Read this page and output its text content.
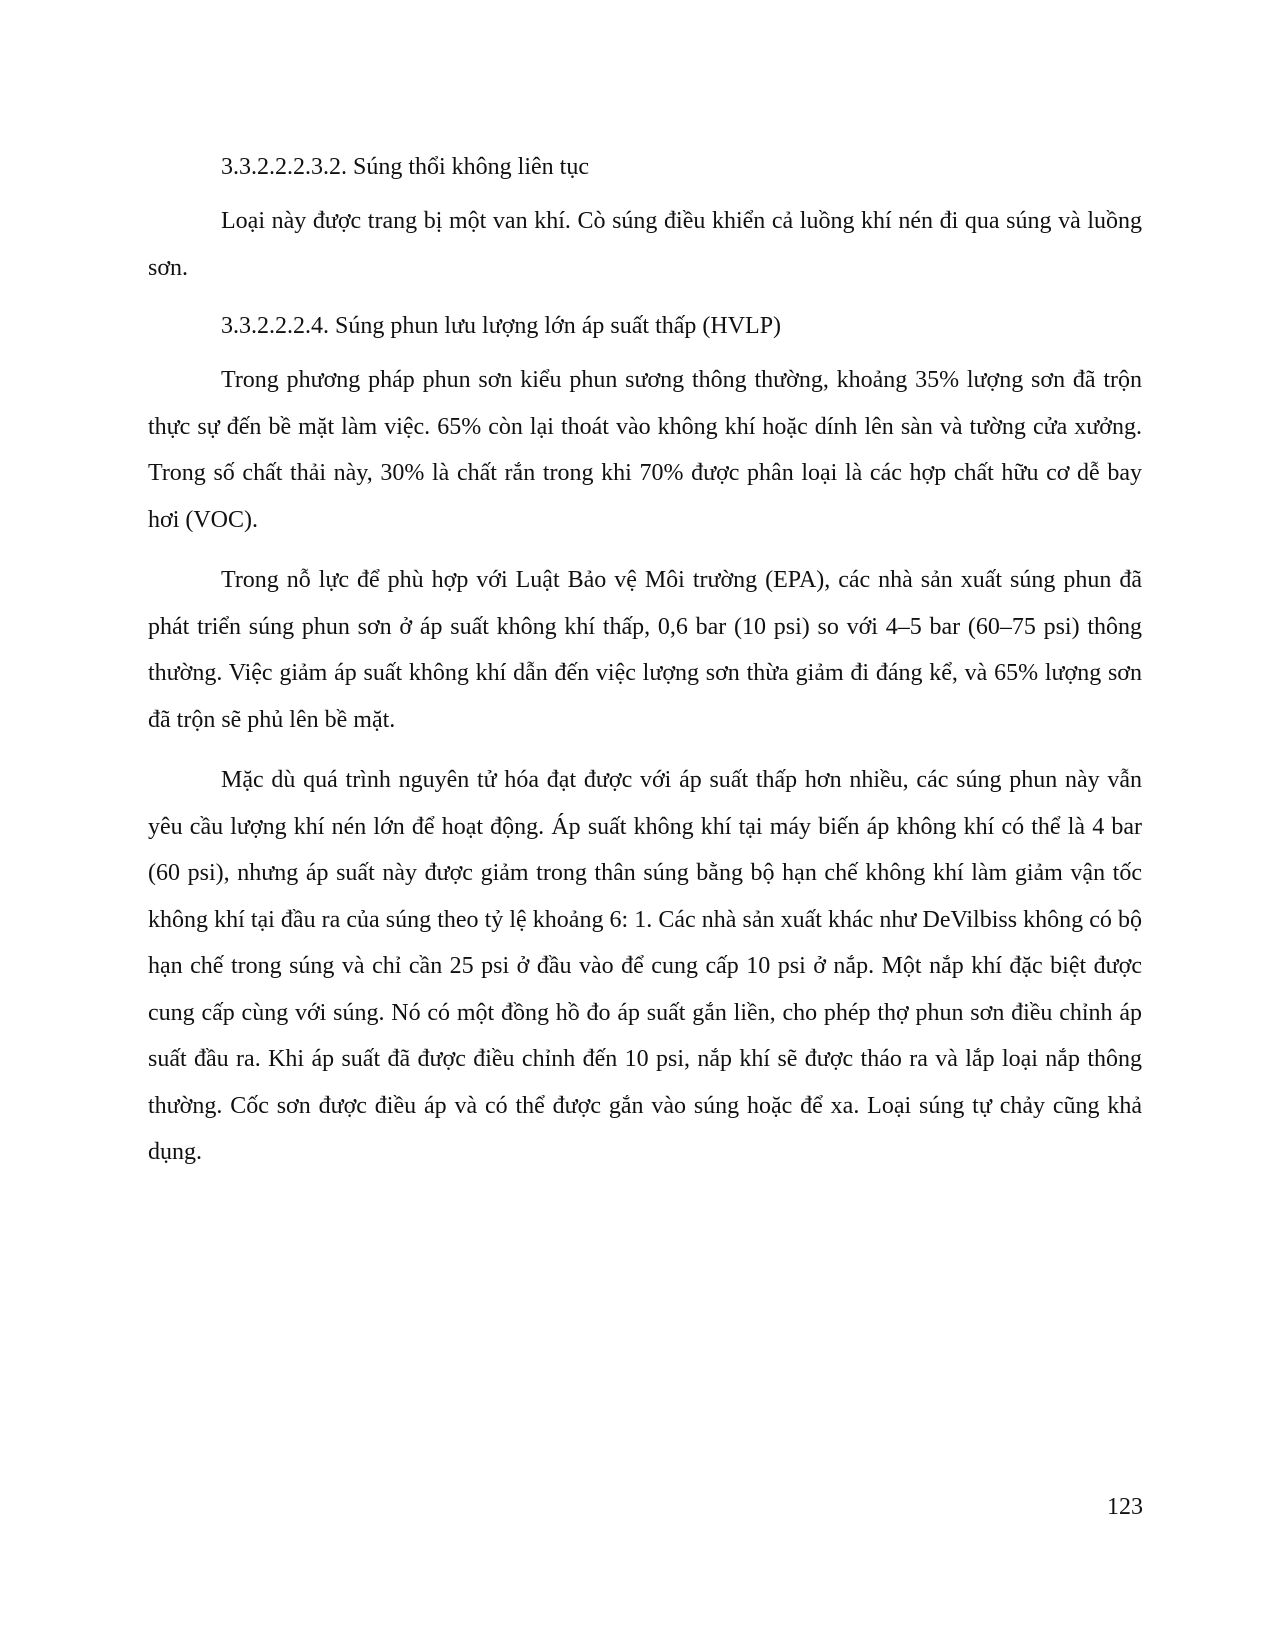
3.3.2.2.2.3.2. Súng thổi không liên tục

Loại này được trang bị một van khí. Cò súng điều khiển cả luồng khí nén đi qua súng và luồng sơn.

3.3.2.2.2.4. Súng phun lưu lượng lớn áp suất thấp (HVLP)

Trong phương pháp phun sơn kiểu phun sương thông thường, khoảng 35% lượng sơn đã trộn thực sự đến bề mặt làm việc. 65% còn lại thoát vào không khí hoặc dính lên sàn và tường cửa xưởng. Trong số chất thải này, 30% là chất rắn trong khi 70% được phân loại là các hợp chất hữu cơ dễ bay hơi (VOC).

Trong nỗ lực để phù hợp với Luật Bảo vệ Môi trường (EPA), các nhà sản xuất súng phun đã phát triển súng phun sơn ở áp suất không khí thấp, 0,6 bar (10 psi) so với 4–5 bar (60–75 psi) thông thường. Việc giảm áp suất không khí dẫn đến việc lượng sơn thừa giảm đi đáng kể, và 65% lượng sơn đã trộn sẽ phủ lên bề mặt.

Mặc dù quá trình nguyên tử hóa đạt được với áp suất thấp hơn nhiều, các súng phun này vẫn yêu cầu lượng khí nén lớn để hoạt động. Áp suất không khí tại máy biến áp không khí có thể là 4 bar (60 psi), nhưng áp suất này được giảm trong thân súng bằng bộ hạn chế không khí làm giảm vận tốc không khí tại đầu ra của súng theo tỷ lệ khoảng 6: 1. Các nhà sản xuất khác như DeVilbiss không có bộ hạn chế trong súng và chỉ cần 25 psi ở đầu vào để cung cấp 10 psi ở nắp. Một nắp khí đặc biệt được cung cấp cùng với súng. Nó có một đồng hồ đo áp suất gắn liền, cho phép thợ phun sơn điều chỉnh áp suất đầu ra. Khi áp suất đã được điều chỉnh đến 10 psi, nắp khí sẽ được tháo ra và lắp loại nắp thông thường. Cốc sơn được điều áp và có thể được gắn vào súng hoặc để xa. Loại súng tự chảy cũng khả dụng.

123
